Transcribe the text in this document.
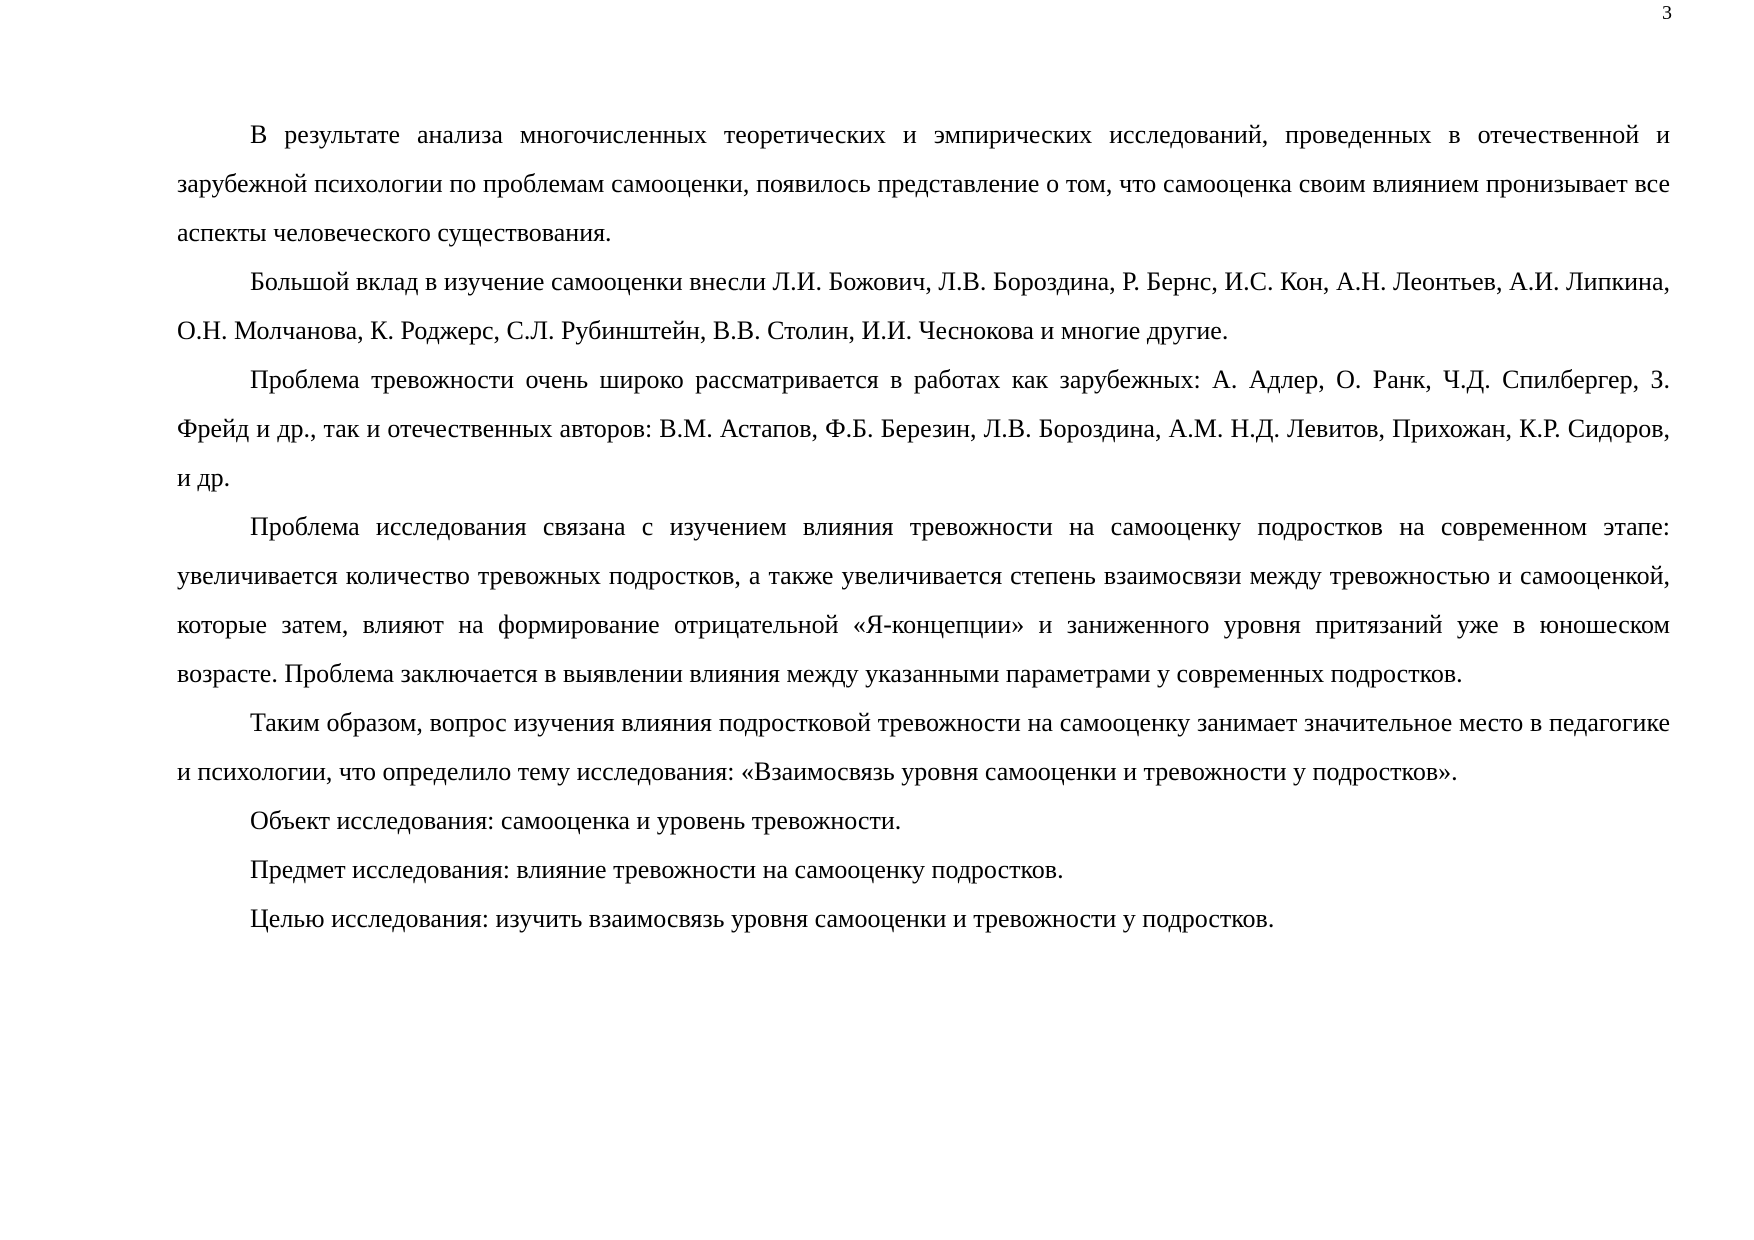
3

В результате анализа многочисленных теоретических и эмпирических исследований, проведенных в отечественной и зарубежной психологии по проблемам самооценки, появилось представление о том, что самооценка своим влиянием пронизывает все аспекты человеческого существования.

Большой вклад в изучение самооценки внесли Л.И. Божович, Л.В. Бороздина, Р. Бернс, И.С. Кон, А.Н. Леонтьев, А.И. Липкина, О.Н. Молчанова, К. Роджерс, С.Л. Рубинштейн, В.В. Столин, И.И. Чеснокова и многие другие.

Проблема тревожности очень широко рассматривается в работах как зарубежных: А. Адлер, О. Ранк, Ч.Д. Спилбергер, З. Фрейд и др., так и отечественных авторов: В.М. Астапов, Ф.Б. Березин, Л.В. Бороздина, А.М. Н.Д. Левитов, Прихожан, К.Р. Сидоров, и др.

Проблема исследования связана с изучением влияния тревожности на самооценку подростков на современном этапе: увеличивается количество тревожных подростков, а также увеличивается степень взаимосвязи между тревожностью и самооценкой, которые затем, влияют на формирование отрицательной «Я-концепции» и заниженного уровня притязаний уже в юношеском возрасте. Проблема заключается в выявлении влияния между указанными параметрами у современных подростков.

Таким образом, вопрос изучения влияния подростковой тревожности на самооценку занимает значительное место в педагогике и психологии, что определило тему исследования: «Взаимосвязь уровня самооценки и тревожности у подростков».

Объект исследования: самооценка и уровень тревожности.

Предмет исследования: влияние тревожности на самооценку подростков.

Целью исследования: изучить взаимосвязь уровня самооценки и тревожности у подростков.
